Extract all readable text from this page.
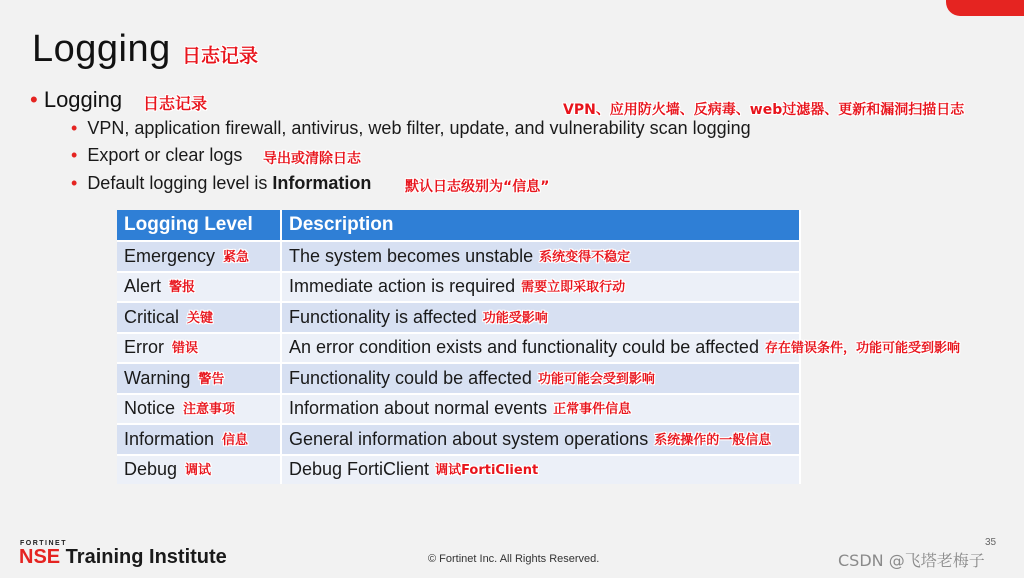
Logging 日志记录
• Logging 日志记录	VPN、应用防火墙、反病毒、web过滤器、更新和漏洞扫描日志
• VPN, application firewall, antivirus, web filter, update, and vulnerability scan logging
• Export or clear logs 导出或清除日志
• Default logging level is Information 默认日志级别为“信息”
Logging Level	Description
Emergency 紧急	The system becomes unstable 系统变得不稳定
Alert 警报	Immediate action is required 需要立即采取行动
Critical 关键	Functionality is affected 功能受影响
Error 错误	An error condition exists and functionality could be affected 存在错误条件，功能可能受到影响
Warning 警告	Functionality could be affected 功能可能会受到影响
Notice 注意事项	Information about normal events 正常事件信息
Information 信息	General information about system operations 系统操作的一般信息
Debug 调试	Debug FortiClient 调试FortiClient
FORTINET
NSE Training Institute	© Fortinet Inc. All Rights Reserved.
35
CSDN @飞塔老梅子
